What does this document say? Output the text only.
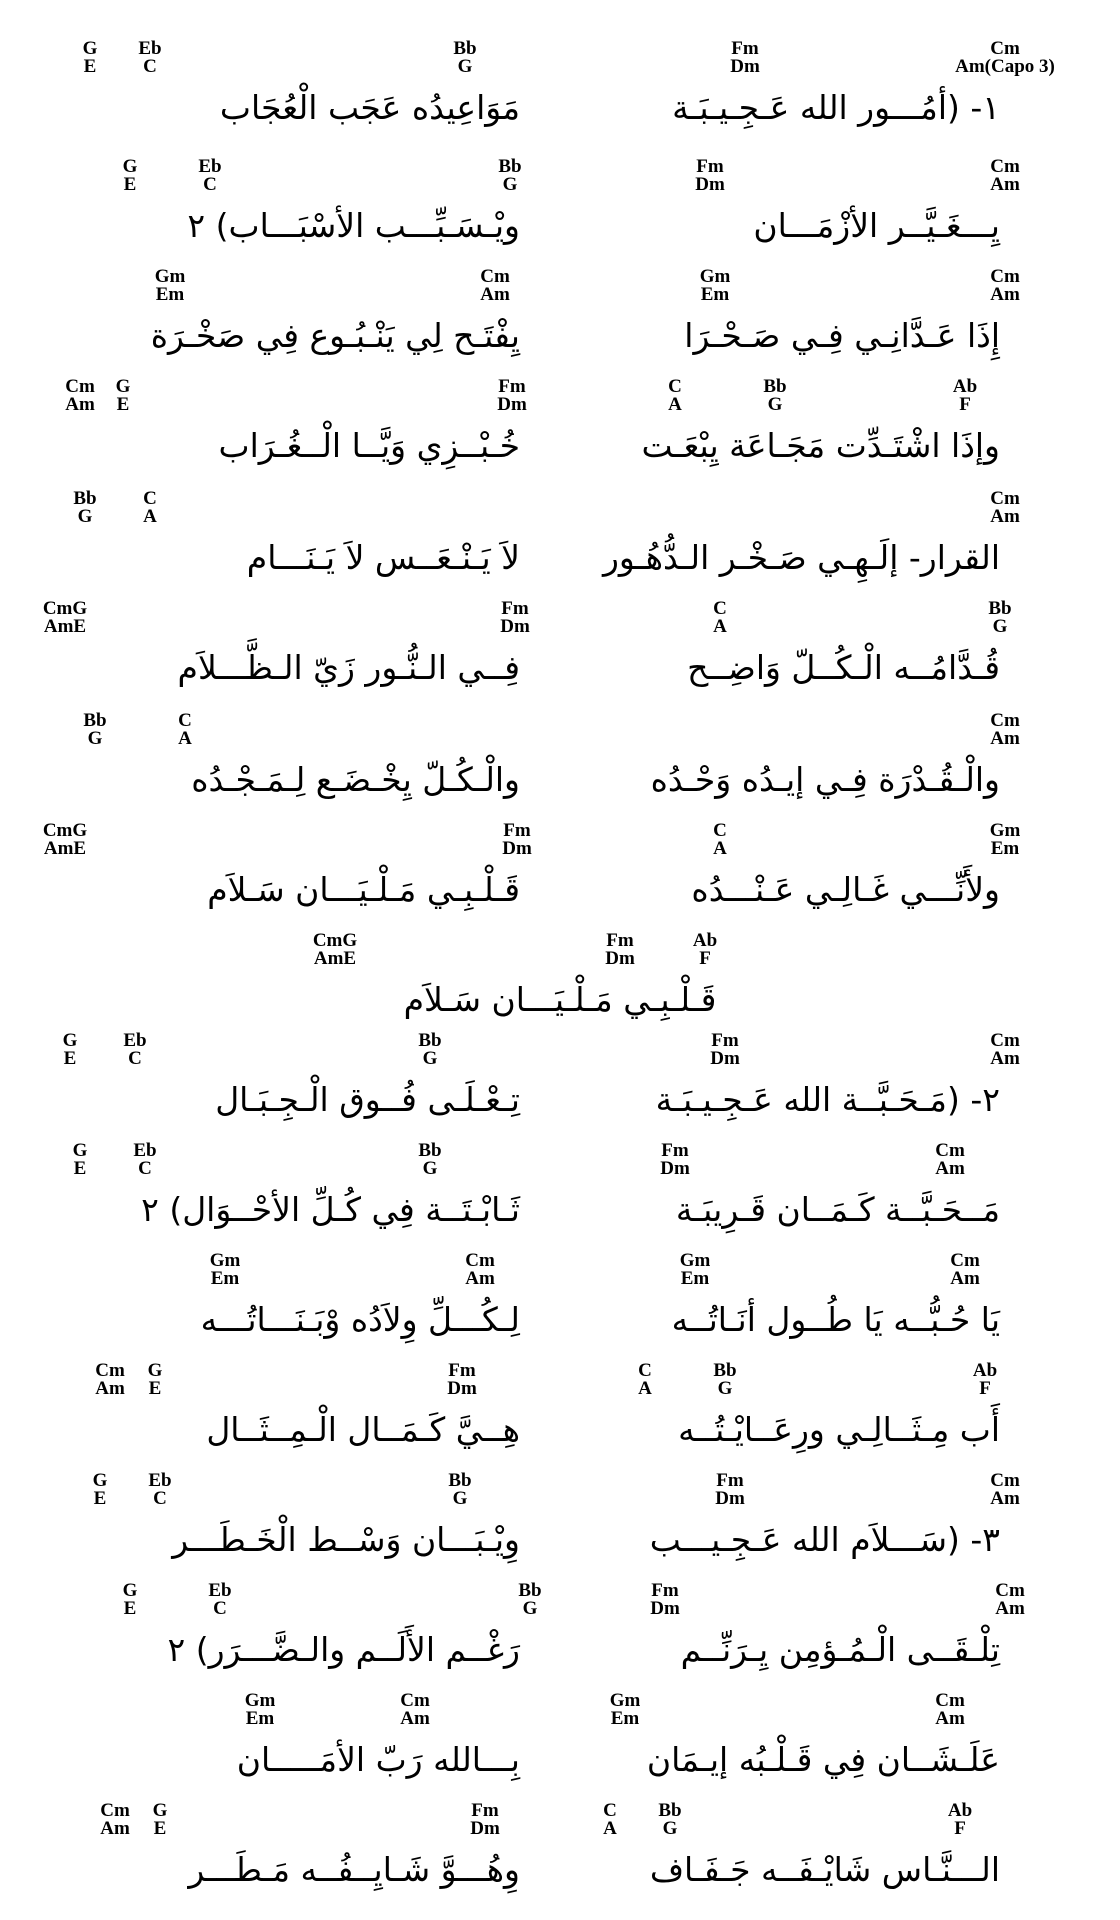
G
E
Eb
C
Bb
G
Fm
Dm
Cm
Am(Capo 3)
١- (أمُـــور الله عَـجِـيـبَـة
مَوَاعِيدُه عَجَب الْعُجَاب
G
E
Eb
C
Bb
G
Fm
Dm
Cm
Am
يِـــغَـيَّــر الأزْمَـــان
ويْـسَـبِّـــب الأسْبَـــاب) ٢
Gm
Em
Cm
Am
Gm
Em
Cm
Am
إِذَا عَـدَّانِـي فِـي صَـحْـرَا
يِفْتَـح لِي يَنْـبُـوع فِي صَخْـرَة
Cm
Am
G
E
Fm
Dm
C
A
Bb
G
Ab
F
وإذَا اشْتَـدِّت مَجَـاعَة يِبْعَـت
خُـبْــزِي وَيَّــا الْــغُـرَاب
Bb
G
C
A
Cm
Am
القرار- إلَـهِـي صَـخْـر الـدُّهُـور
لاَ يَـنْـعَــس لاَ يَـنَـــام
CmG
AmE
Fm
Dm
C
A
Bb
G
قُـدَّامُــه الْـكُــلّ وَاضِــح
فِــي الـنُّـور زَيّ الـظَّـــلاَم
Bb
G
C
A
Cm
Am
والْـقُـدْرَة فِـي إيـدُه وَحْـدُه
والْـكُـلّ يِخْـضَـع لِـمَـجْـدُه
CmG
AmE
Fm
Dm
C
A
Gm
Em
ولأَنِّـــي غَـالِـي عَـنْـــدُه
قَـلْـبِـي مَـلْـيَـــان سَـلاَم
CmG
AmE
Fm
Dm
Ab
F
قَـلْـبِـي مَـلْـيَـــان سَـلاَم
G
E
Eb
C
Bb
G
Fm
Dm
Cm
Am
٢- (مَـحَـبَّــة الله عَـجِـيـبَـة
تِـعْـلَـى فُــوق الْـجِـبَـال
G
E
Eb
C
Bb
G
Fm
Dm
Cm
Am
مَــحَـبَّــة كَـمَــان قَـرِيبَـة
ثَـابْـتَــة فِي كُـلِّ الأحْــوَال) ٢
Gm
Em
Cm
Am
Gm
Em
Cm
Am
يَا حُـبُّــه يَا طُــول أنَـاتُــه
لِـكُـــلِّ وِلاَدُه وْبَـنَـــاتُـــه
Cm
Am
G
E
Fm
Dm
C
A
Bb
G
Ab
F
أَب مِـثَــالِـي ورِعَــايْـتُــه
هِــيَّ كَـمَــال الْـمِــثَــال
G
E
Eb
C
Bb
G
Fm
Dm
Cm
Am
٣- (سَـــلاَم الله عَـجِـيـــب
وِيْـبَـــان وَسْــط الْخَـطَـــر
G
E
Eb
C
Bb
G
Fm
Dm
Cm
Am
تِلْـقَــى الْـمُـؤمِن يِـرَنِّــم
رَغْــم الأَلَــم والـضَّـــرَر) ٢
Gm
Em
Cm
Am
Gm
Em
Cm
Am
عَلَـشَــان فِي قَـلْـبُه إيـمَان
بِـــالله رَبّ الأمَـــــان
Cm
Am
G
E
Fm
Dm
C
A
Bb
G
Ab
F
الـــنَّـاس شَايْـفَــه جَـفَـاف
وِهُـــوَّ شَـايِــفُــه مَـطَـــر
